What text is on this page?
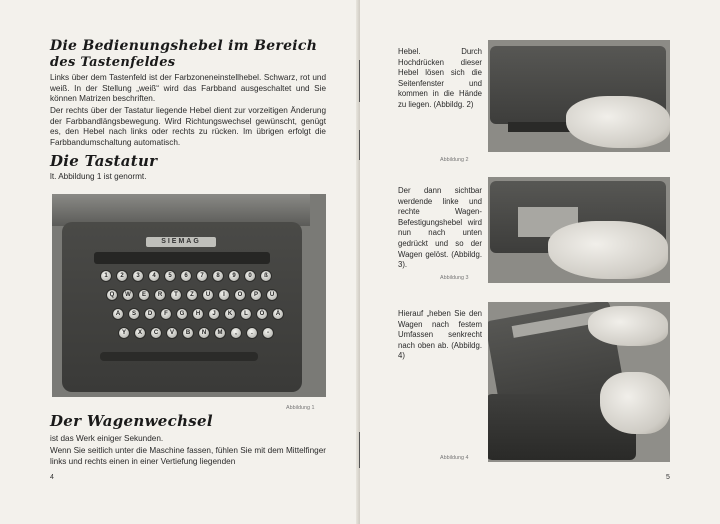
Die Bedienungshebel im Bereich
des Tastenfeldes
Links über dem Tastenfeld ist der Farbzoneneinstellhebel. Schwarz, rot und weiß. In der Stellung „weiß“ wird das Farbband ausgeschaltet und Sie können Matrizen beschriften.
Der rechts über der Tastatur liegende Hebel dient zur vorzeitigen Änderung der Farbbandlängsbewegung. Wird Richtungswechsel gewünscht, genügt es, den Hebel nach links oder rechts zu rücken. Im übrigen erfolgt die Farbbandumschaltung automatisch.
Die Tastatur
lt. Abbildung 1 ist genormt.
SIEMAG
1	2	3	4	5	6	7	8	9	0	ß
Q	W	E	R	T	Z	U	I	O	P	Ü
A	S	D	F	G	H	J	K	L	Ö	Ä
Y	X	C	V	B	N	M	,	.	-
Abbildung 1
Der Wagenwechsel
ist das Werk einiger Sekunden.
Wenn Sie seitlich unter die Maschine fassen, fühlen Sie mit dem Mittelfinger links und rechts einen in einer Vertiefung liegenden
4
Hebel. Durch Hochdrücken dieser Hebel lösen sich die Seitenfenster und kommen in die Hände zu liegen. (Abbildg. 2)
Abbildung 2
Der dann sichtbar werdende linke und rechte Wagen-Befestigungshebel wird nun nach unten gedrückt und so der Wagen gelöst. (Abbildg. 3).
Abbildung 3
Hierauf „heben Sie den Wagen nach festem Umfassen senkrecht nach oben ab. (Abbildg. 4)
Abbildung 4
5
